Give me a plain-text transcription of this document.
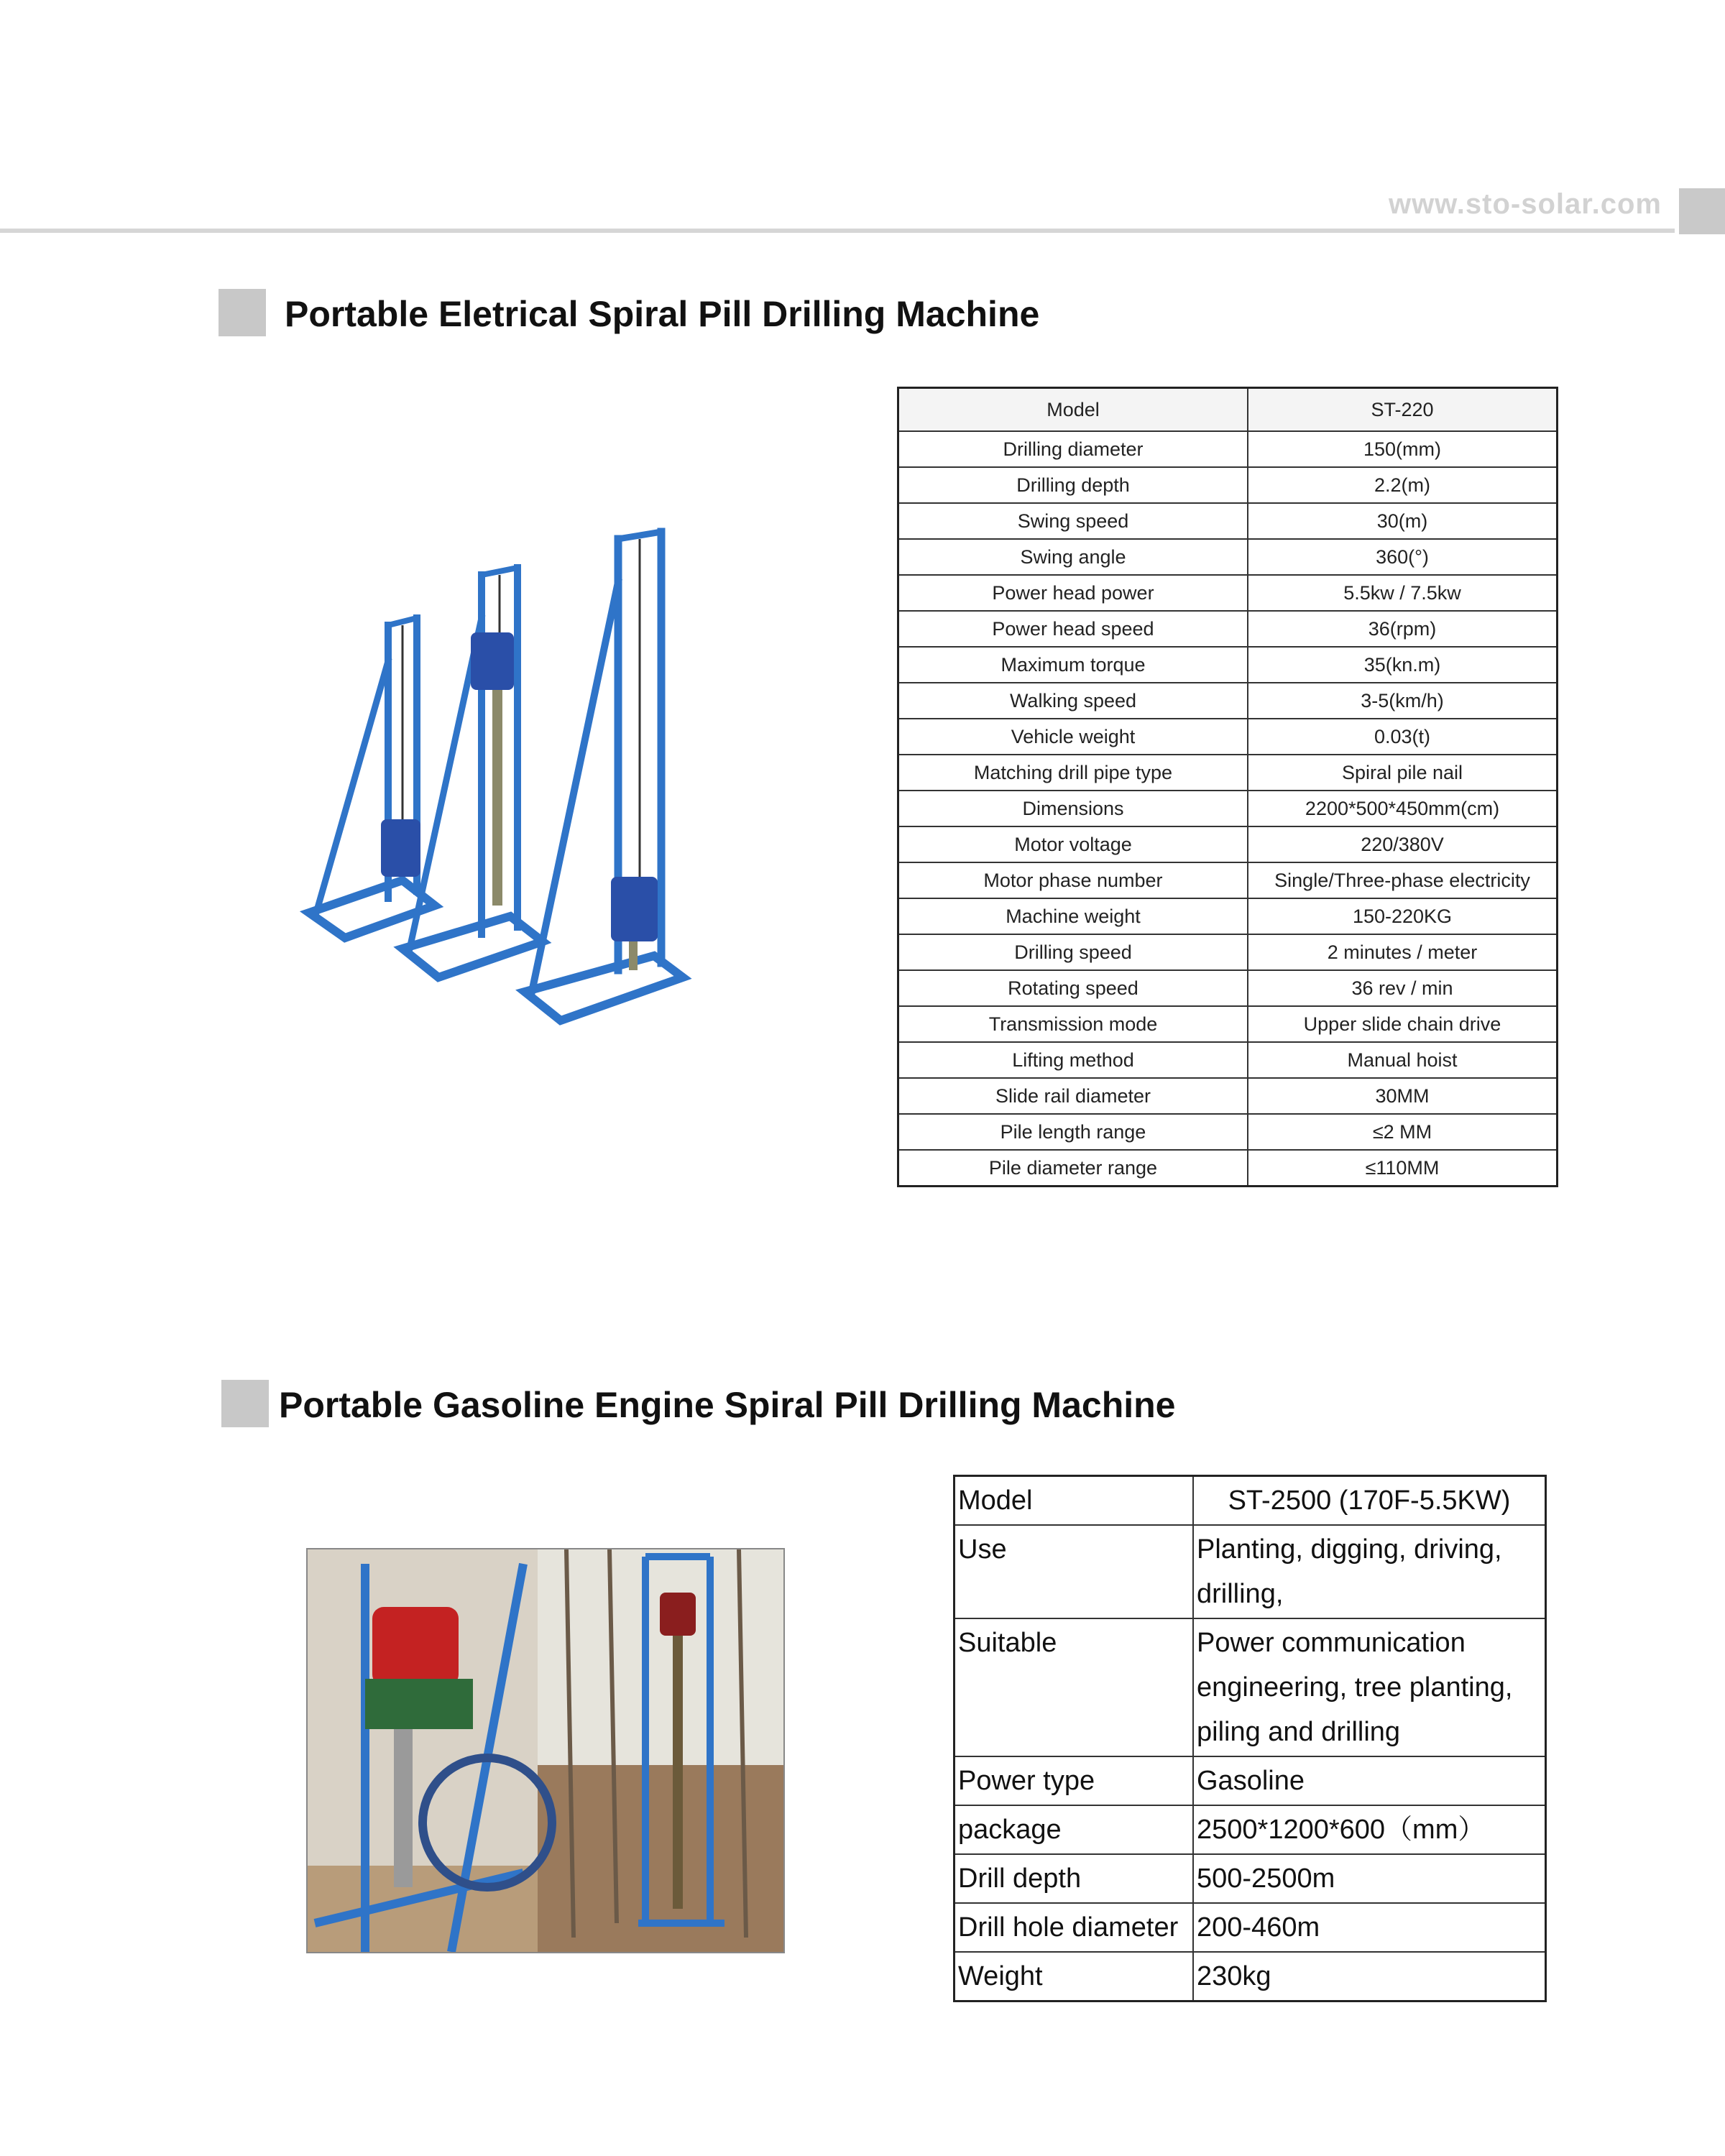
www.sto-solar.com
Portable Eletrical Spiral Pill Drilling Machine
Model	ST-220
Drilling diameter	150(mm)
Drilling depth	2.2(m)
Swing speed	30(m)
Swing angle	360(°)
Power head power	5.5kw / 7.5kw
Power head speed	36(rpm)
Maximum torque	35(kn.m)
Walking speed	3-5(km/h)
Vehicle weight	0.03(t)
Matching drill pipe type	Spiral pile nail
Dimensions	2200*500*450mm(cm)
Motor voltage	220/380V
Motor phase number	Single/Three-phase electricity
Machine weight	150-220KG
Drilling speed	2 minutes / meter
Rotating speed	36 rev / min
Transmission mode	Upper slide chain drive
Lifting method	Manual hoist
Slide rail diameter	30MM
Pile length range	≤2 MM
Pile diameter range	≤110MM
Portable Gasoline Engine Spiral Pill Drilling Machine
Model	ST-2500 (170F-5.5KW)
Use	Planting, digging, driving, drilling,
Suitable	Power communication engineering, tree planting, piling and drilling
Power type	Gasoline
package	2500*1200*600（mm）
Drill depth	500-2500m
Drill hole diameter	200-460m
Weight	230kg
